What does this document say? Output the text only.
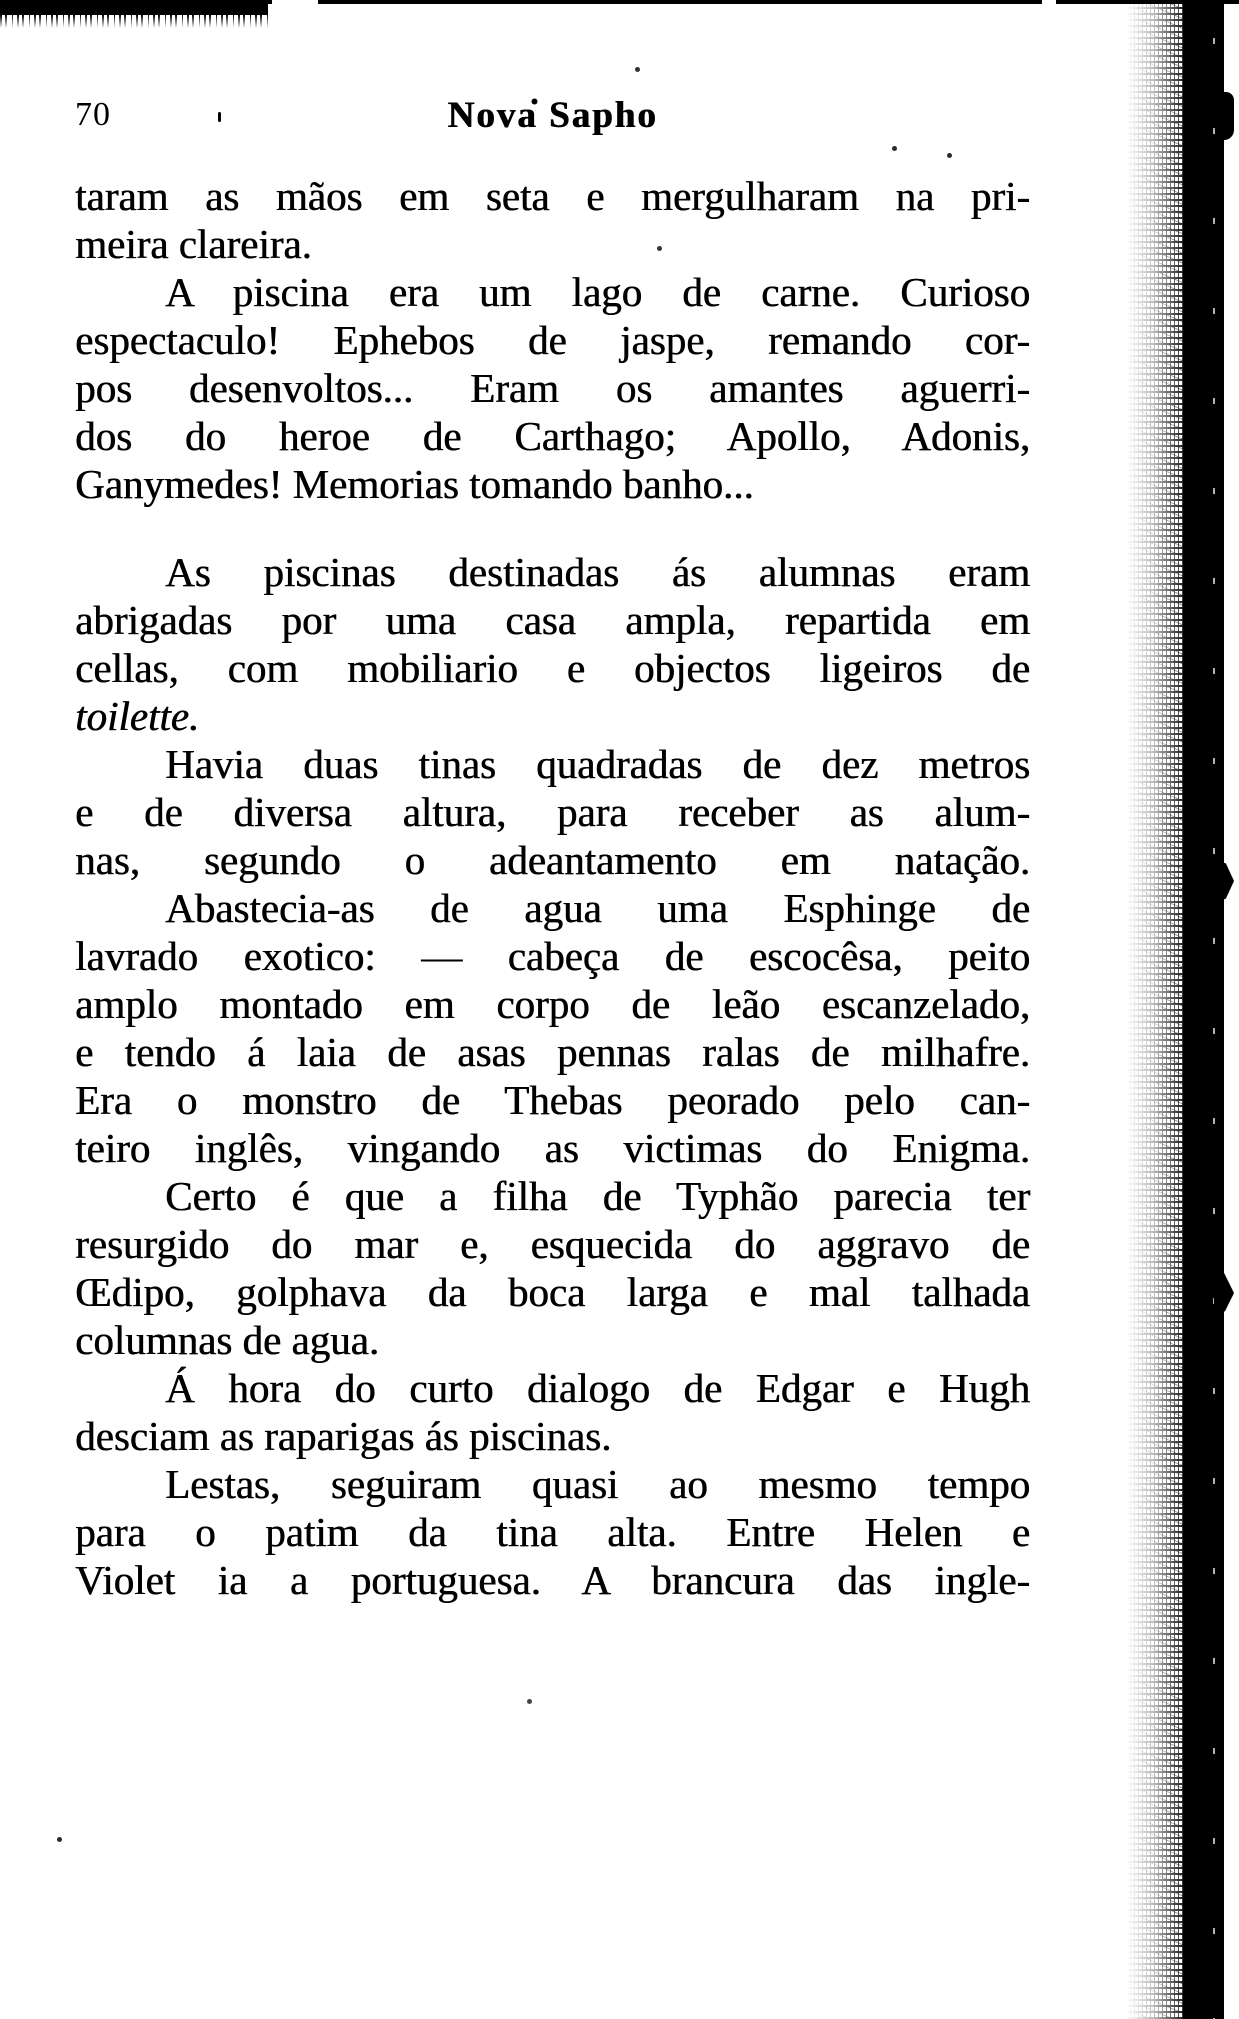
70	Nova Sapho
taram as mãos em seta e mergulharam na pri-
meira clareira.
A piscina era um lago de carne. Curioso
espectaculo! Ephebos de jaspe, remando cor-
pos desenvoltos... Eram os amantes aguerri-
dos do heroe de Carthago; Apollo, Adonis,
Ganymedes! Memorias tomando banho...
As piscinas destinadas ás alumnas eram
abrigadas por uma casa ampla, repartida em
cellas, com mobiliario e objectos ligeiros de
toilette.
Havia duas tinas quadradas de dez metros
e de diversa altura, para receber as alum-
nas, segundo o adeantamento em natação.
Abastecia-as de agua uma Esphinge de
lavrado exotico: — cabeça de escocêsa, peito
amplo montado em corpo de leão escanzelado,
e tendo á laia de asas pennas ralas de milhafre.
Era o monstro de Thebas peorado pelo can-
teiro inglês, vingando as victimas do Enigma.
Certo é que a filha de Typhão parecia ter
resurgido do mar e, esquecida do aggravo de
Œdipo, golphava da boca larga e mal talhada
columnas de agua.
Á hora do curto dialogo de Edgar e Hugh
desciam as raparigas ás piscinas.
Lestas, seguiram quasi ao mesmo tempo
para o patim da tina alta. Entre Helen e
Violet ia a portuguesa. A brancura das ingle-
